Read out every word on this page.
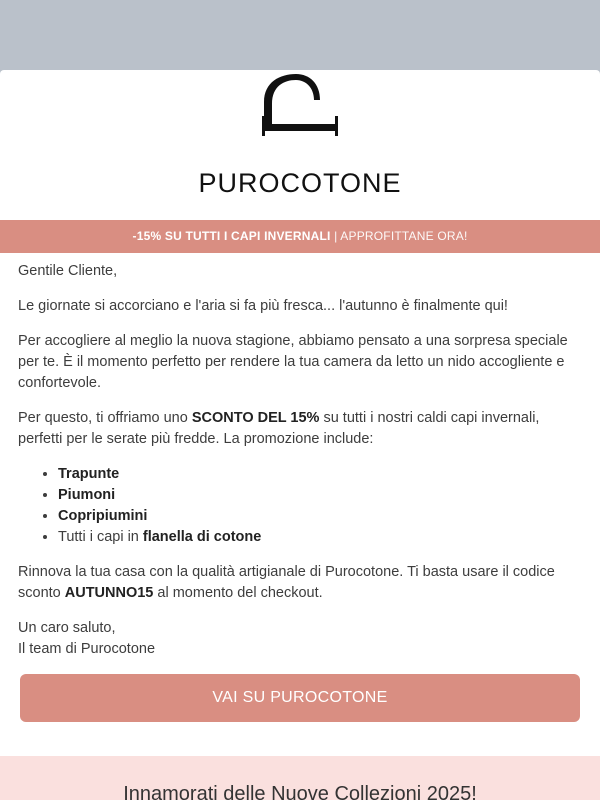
PUROCOTONE
-15% SU TUTTI I CAPI INVERNALI | APPROFITTANE ORA!

Gentile Cliente,

Le giornate si accorciano e l'aria si fa più fresca... l'autunno è finalmente qui!

Per accogliere al meglio la nuova stagione, abbiamo pensato a una sorpresa speciale per te. È il momento perfetto per rendere la tua camera da letto un nido accogliente e confortevole.

Per questo, ti offriamo uno SCONTO DEL 15% su tutti i nostri caldi capi invernali, perfetti per le serate più fredde. La promozione include:

• Trapunte
• Piumoni
• Copripiumini
• Tutti i capi in flanella di cotone

Rinnova la tua casa con la qualità artigianale di Purocotone. Ti basta usare il codice sconto AUTUNNO15 al momento del checkout.

Un caro saluto,
Il team di Purocotone

VAI SU PUROCOTONE
Innamorati delle Nuove Collezioni 2025!
